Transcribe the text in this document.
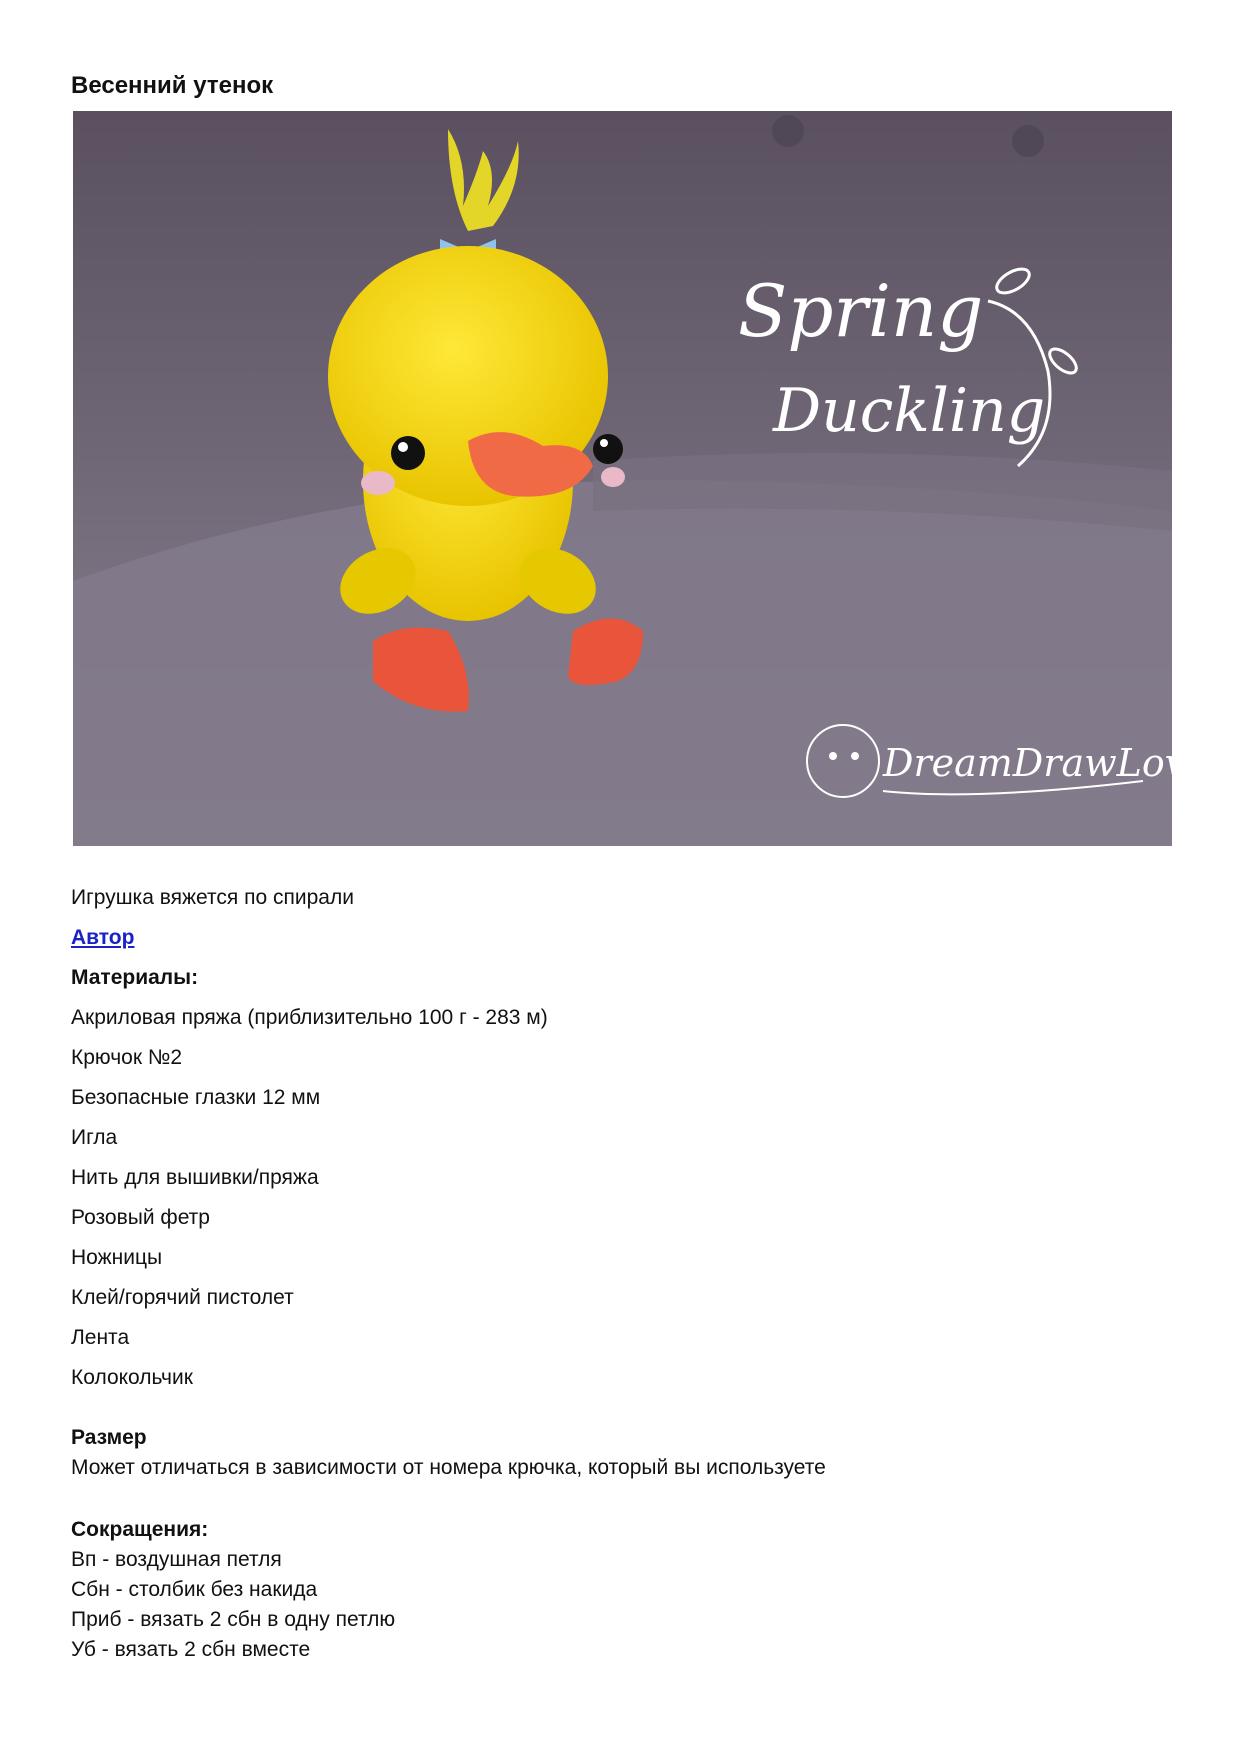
Весенний утенок
Spring
Duckling
DreamDrawLove
Игрушка вяжется по спирали
Автор
Материалы:
Акриловая пряжа (приблизительно 100 г - 283 м)
Крючок №2
Безопасные глазки 12 мм
Игла
Нить для вышивки/пряжа
Розовый фетр
Ножницы
Клей/горячий пистолет
Лента
Колокольчик
Размер
Может отличаться в зависимости от номера крючка, который вы используете
Сокращения:
Вп - воздушная петля
Сбн - столбик без накида
Приб - вязать 2 сбн в одну петлю
Уб - вязать 2 сбн вместе
